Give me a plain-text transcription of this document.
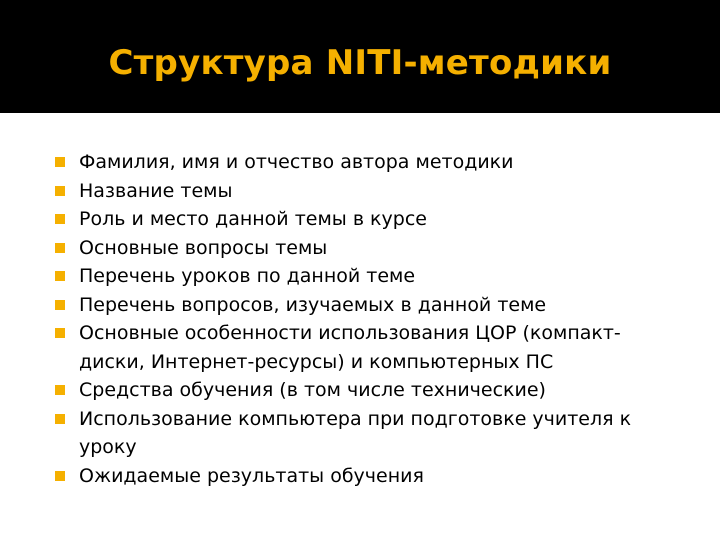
Структура NITI-методики
Фамилия, имя и отчество автора методики
Название темы
Роль и место данной темы в курсе
Основные вопросы темы
Перечень уроков по данной теме
Перечень вопросов, изучаемых в данной теме
Основные особенности использования ЦОР (компакт-
диски, Интернет-ресурсы) и компьютерных ПС
Средства обучения (в том числе технические)
Использование компьютера при подготовке учителя к
уроку
Ожидаемые результаты обучения
